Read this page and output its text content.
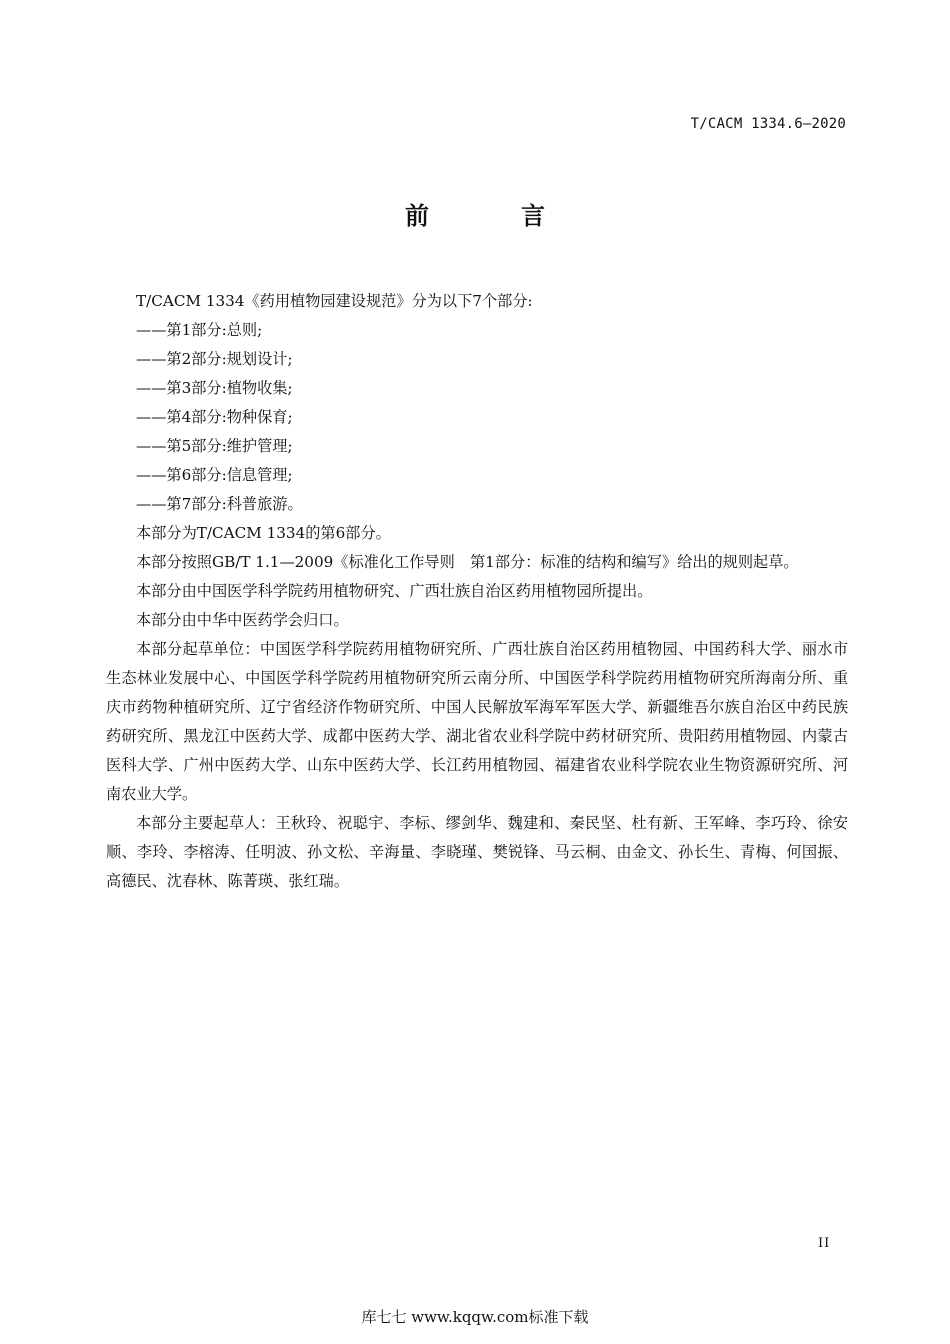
T/CACM 1334.6—2020
前　言

T/CACM 1334《药用植物园建设规范》分为以下7个部分:

——第1部分:总则;

——第2部分:规划设计;

——第3部分:植物收集;

——第4部分:物种保育;

——第5部分:维护管理;

——第6部分:信息管理;

——第7部分:科普旅游。

本部分为T/CACM 1334的第6部分。

本部分按照GB/T 1.1—2009《标准化工作导则　第1部分：标准的结构和编写》给出的规则起草。

本部分由中国医学科学院药用植物研究、广西壮族自治区药用植物园所提出。

本部分由中华中医药学会归口。

本部分起草单位：中国医学科学院药用植物研究所、广西壮族自治区药用植物园、中国药科大学、丽水市生态林业发展中心、中国医学科学院药用植物研究所云南分所、中国医学科学院药用植物研究所海南分所、重庆市药物种植研究所、辽宁省经济作物研究所、中国人民解放军海军军医大学、新疆维吾尔族自治区中药民族药研究所、黑龙江中医药大学、成都中医药大学、湖北省农业科学院中药材研究所、贵阳药用植物园、内蒙古医科大学、广州中医药大学、山东中医药大学、长江药用植物园、福建省农业科学院农业生物资源研究所、河南农业大学。

本部分主要起草人：王秋玲、祝聪宇、李标、缪剑华、魏建和、秦民坚、杜有新、王军峰、李巧玲、徐安顺、李玲、李榕涛、任明波、孙文松、辛海量、李晓瑾、樊锐锋、马云桐、由金文、孙长生、青梅、何国振、高德民、沈春林、陈菁瑛、张红瑞。

II
库七七 www.kqqw.com标准下载
